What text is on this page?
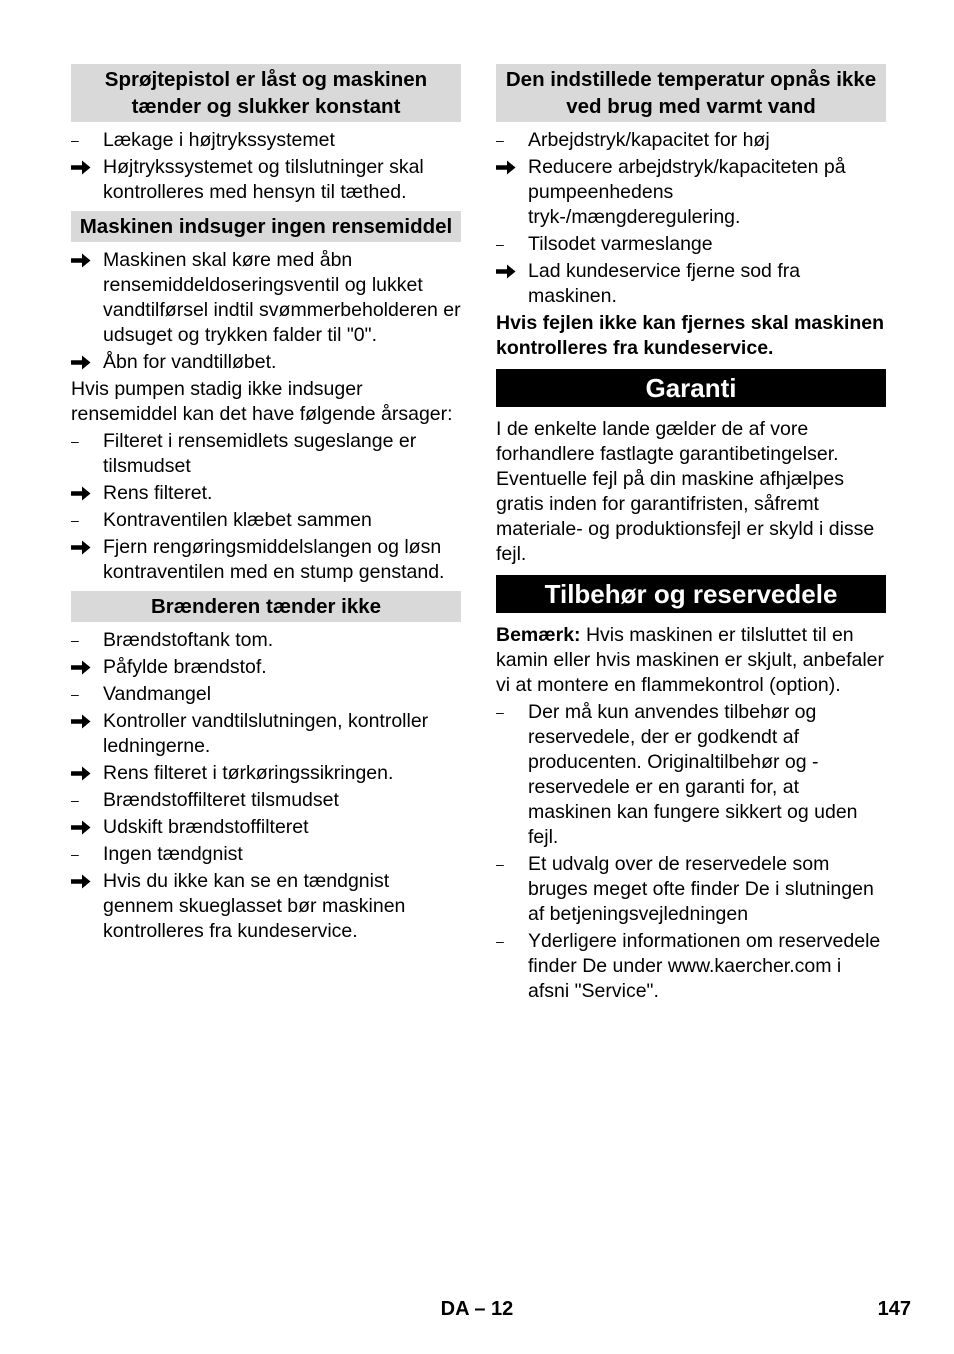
Sprøjtepistol er låst og maskinen tænder og slukker konstant
–	Lækage i højtrykssystemet
Højtrykssystemet og tilslutninger skal kontrolleres med hensyn til tæthed.
Maskinen indsuger ingen rensemiddel
Maskinen skal køre med åbn rensemiddeldoseringsventil og lukket vandtilførsel indtil svømmerbeholderen er udsuget og trykken falder til "0".
Åbn for vandtilløbet.
Hvis pumpen stadig ikke indsuger rensemiddel kan det have følgende årsager:
–	Filteret i rensemidlets sugeslange er tilsmudset
Rens filteret.
–	Kontraventilen klæbet sammen
Fjern rengøringsmiddelslangen og løsn kontraventilen med en stump genstand.
Brænderen tænder ikke
–	Brændstoftank tom.
Påfylde brændstof.
–	Vandmangel
Kontroller vandtilslutningen, kontroller ledningerne.
Rens filteret i tørkøringssikringen.
–	Brændstoffilteret tilsmudset
Udskift brændstoffilteret
–	Ingen tændgnist
Hvis du ikke kan se en tændgnist gennem skueglasset bør maskinen kontrolleres fra kundeservice.
Den indstillede temperatur opnås ikke ved brug med varmt vand
–	Arbejdstryk/kapacitet for høj
Reducere arbejdstryk/kapaciteten på pumpeenhedens tryk-/mængderegulering.
–	Tilsodet varmeslange
Lad kundeservice fjerne sod fra maskinen.
Hvis fejlen ikke kan fjernes skal maskinen kontrolleres fra kundeservice.
Garanti
I de enkelte lande gælder de af vore forhandlere fastlagte garantibetingelser. Eventuelle fejl på din maskine afhjælpes gratis inden for garantifristen, såfremt materiale- og produktionsfejl er skyld i disse fejl.
Tilbehør og reservedele
Bemærk: Hvis maskinen er tilsluttet til en kamin eller hvis maskinen er skjult, anbefaler vi at montere en flammekontrol (option).
–	Der må kun anvendes tilbehør og reservedele, der er godkendt af producenten. Originaltilbehør og -reservedele er en garanti for, at maskinen kan fungere sikkert og uden fejl.
–	Et udvalg over de reservedele som bruges meget ofte finder De i slutningen af betjeningsvejledningen
–	Yderligere informationen om reservedele finder De under www.kaercher.com i afsni "Service".
DA – 12	147
